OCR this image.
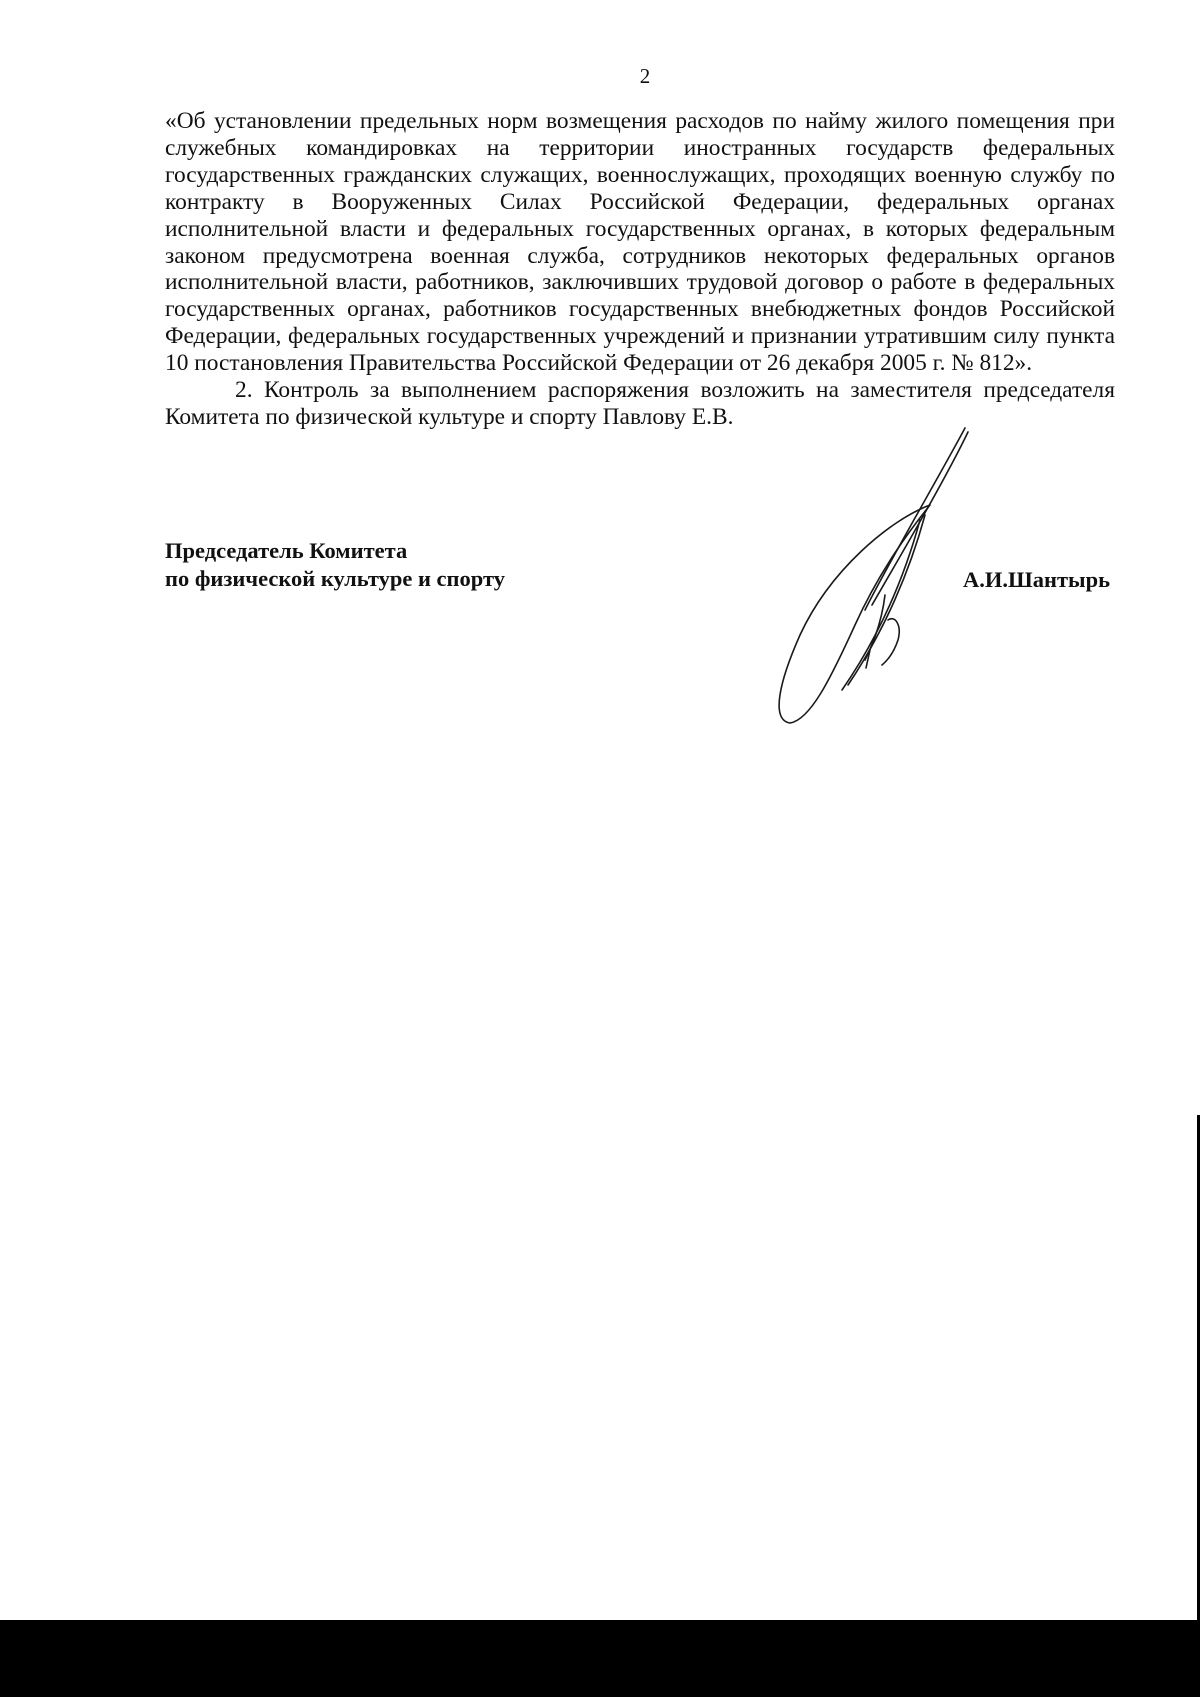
2

«Об установлении предельных норм возмещения расходов по найму жилого помещения при служебных командировках на территории иностранных государств федеральных государственных гражданских служащих, военнослужащих, проходящих военную службу по контракту в Вооруженных Силах Российской Федерации, федеральных органах исполнительной власти и федеральных государственных органах, в которых федеральным законом предусмотрена военная служба, сотрудников некоторых федеральных органов исполнительной власти, работников, заключивших трудовой договор о работе в федеральных государственных органах, работников государственных внебюджетных фондов Российской Федерации, федеральных государственных учреждений и признании утратившим силу пункта 10 постановления Правительства Российской Федерации от 26 декабря 2005 г. № 812».

2. Контроль за выполнением распоряжения возложить на заместителя председателя Комитета по физической культуре и спорту Павлову Е.В.

Председатель Комитета
по физической культуре и спорту	А.И.Шантырь
